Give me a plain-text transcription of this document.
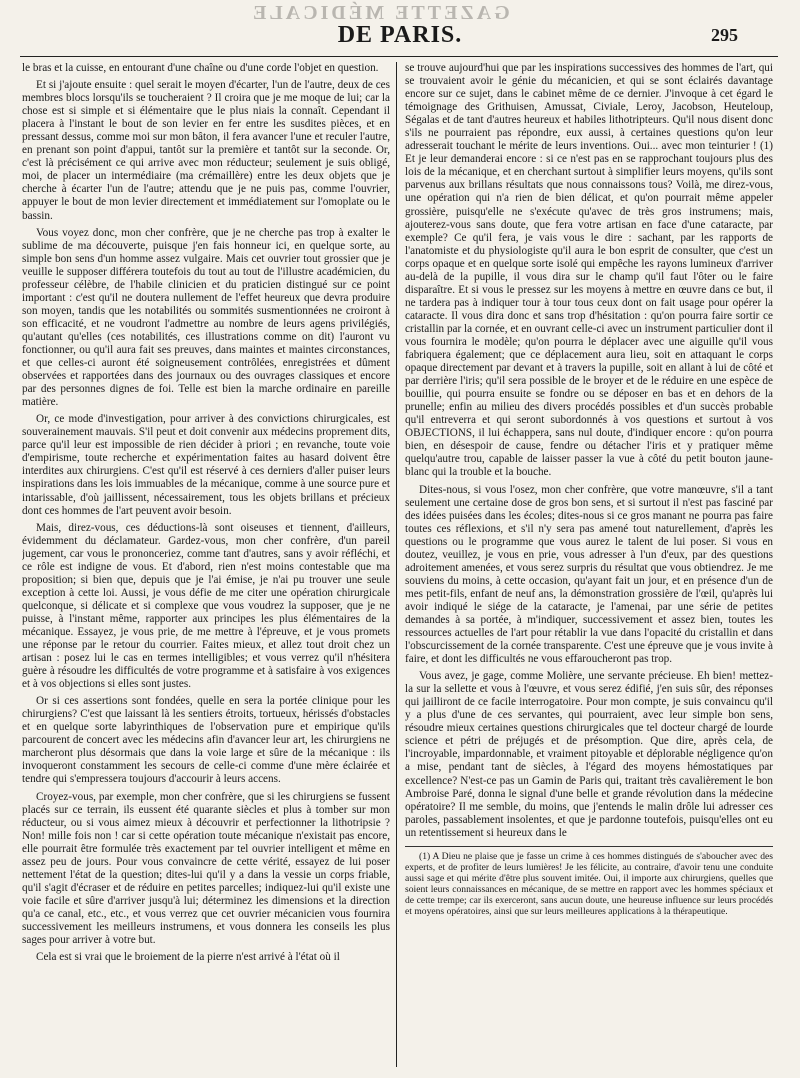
GAZETTE MÉDICALE
DE PARIS.	295

le bras et la cuisse, en entourant d'une chaîne ou d'une corde l'objet en question.

Et si j'ajoute ensuite : quel serait le moyen d'écarter, l'un de l'autre, deux de ces membres blocs lorsqu'ils se toucheraient ? Il croira que je me moque de lui; car la chose est si simple et si élémentaire que le plus niais la connaît. Cependant il placera à l'instant le bout de son levier en fer entre les susdites pièces, et en pressant dessus, comme moi sur mon bâton, il fera avancer l'une et reculer l'autre, en prenant son point d'appui, tantôt sur la première et tantôt sur la seconde. Or, c'est là précisément ce qui arrive avec mon réducteur; seulement je suis obligé, moi, de placer un intermédiaire (ma crémaillère) entre les deux objets que je cherche à écarter l'un de l'autre; attendu que je ne puis pas, comme l'ouvrier, appuyer le bout de mon levier directement et immédiatement sur l'omoplate ou le bassin.

Vous voyez donc, mon cher confrère, que je ne cherche pas trop à exalter le sublime de ma découverte, puisque j'en fais honneur ici, en quelque sorte, au simple bon sens d'un homme assez vulgaire. Mais cet ouvrier tout grossier que je veuille le supposer différera toutefois du tout au tout de l'illustre académicien, du professeur célèbre, de l'habile clinicien et du praticien distingué sur ce point important : c'est qu'il ne doutera nullement de l'effet heureux que devra produire son moyen, tandis que les notabilités ou sommités susmentionnées ne croiront à son efficacité, et ne voudront l'admettre au nombre de leurs agens privilégiés, qu'autant qu'elles (ces notabilités, ces illustrations comme on dit) l'auront vu fonctionner, ou qu'il aura fait ses preuves, dans maintes et maintes circonstances, et que celles-ci auront été soigneusement contrôlées, enregistrées et dûment observées et rapportées dans des journaux ou des ouvrages classiques et encore par des personnes dignes de foi. Telle est bien la marche ordinaire en pareille matière.

Or, ce mode d'investigation, pour arriver à des convictions chirurgicales, est souverainement mauvais. S'il peut et doit convenir aux médecins proprement dits, parce qu'il leur est impossible de rien décider à priori ; en revanche, toute voie d'empirisme, toute recherche et expérimentation faites au hasard doivent être interdites aux chirurgiens. C'est qu'il est réservé à ces derniers d'aller puiser leurs inspirations dans les lois immuables de la mécanique, comme à une source pure et intarissable, d'où jaillissent, nécessairement, tous les objets brillans et précieux dont ces hommes de l'art peuvent avoir besoin.

Mais, direz-vous, ces déductions-là sont oiseuses et tiennent, d'ailleurs, évidemment du déclamateur. Gardez-vous, mon cher confrère, d'un pareil jugement, car vous le prononceriez, comme tant d'autres, sans y avoir réfléchi, et ce rôle est indigne de vous. Et d'abord, rien n'est moins contestable que ma proposition; si bien que, depuis que je l'ai émise, je n'ai pu trouver une seule exception à cette loi. Aussi, je vous défie de me citer une opération chirurgicale quelconque, si délicate et si complexe que vous voudrez la supposer, que je ne puisse, à l'instant même, rapporter aux principes les plus élémentaires de la mécanique. Essayez, je vous prie, de me mettre à l'épreuve, et je vous promets une réponse par le retour du courrier. Faites mieux, et allez tout droit chez un artisan : posez lui le cas en termes intelligibles; et vous verrez qu'il n'hésitera guère à résoudre les difficultés de votre programme et à satisfaire à vos exigences et à vos objections si elles sont justes.

Or si ces assertions sont fondées, quelle en sera la portée clinique pour les chirurgiens? C'est que laissant là les sentiers étroits, tortueux, hérissés d'obstacles et en quelque sorte labyrinthiques de l'observation pure et empirique qu'ils parcourent de concert avec les médecins afin d'avancer leur art, les chirurgiens ne marcheront plus désormais que dans la voie large et sûre de la mécanique : ils invoqueront constamment les secours de celle-ci comme d'une mère éclairée et tendre qui s'empressera toujours d'accourir à leurs accens.

Croyez-vous, par exemple, mon cher confrère, que si les chirurgiens se fussent placés sur ce terrain, ils eussent été quarante siècles et plus à tomber sur mon réducteur, ou si vous aimez mieux à découvrir et perfectionner la lithotripsie ? Non! mille fois non ! car si cette opération toute mécanique n'existait pas encore, elle pourrait être formulée très exactement par tel ouvrier intelligent et même en assez peu de jours. Pour vous convaincre de cette vérité, essayez de lui poser nettement l'état de la question; dites-lui qu'il y a dans la vessie un corps friable, qu'il s'agit d'écraser et de réduire en petites parcelles; indiquez-lui qu'il existe une voie facile et sûre d'arriver jusqu'à lui; déterminez les dimensions et la direction qu'a ce canal, etc., etc., et vous verrez que cet ouvrier mécanicien vous fournira successivement les meilleurs instrumens, et vous donnera les conseils les plus sages pour arriver à votre but.

Cela est si vrai que le broiement de la pierre n'est arrivé à l'état où il

se trouve aujourd'hui que par les inspirations successives des hommes de l'art, qui se trouvaient avoir le génie du mécanicien, et qui se sont éclairés davantage encore sur ce sujet, dans le cabinet même de ce dernier. J'invoque à cet égard le témoignage des Grithuisen, Amussat, Civiale, Leroy, Jacobson, Heuteloup, Ségalas et de tant d'autres heureux et habiles lithotripteurs. Qu'il nous disent donc s'ils ne pourraient pas répondre, eux aussi, à certaines questions qu'on leur adresserait touchant le mérite de leurs inventions. Oui... avec mon teinturier ! (1) Et je leur demanderai encore : si ce n'est pas en se rapprochant toujours plus des lois de la mécanique, et en cherchant surtout à simplifier leurs moyens, qu'ils sont parvenus aux brillans résultats que nous connaissons tous? Voilà, me direz-vous, une opération qui n'a rien de bien délicat, et qu'on pourrait même appeler grossière, puisqu'elle ne s'exécute qu'avec de très gros instrumens; mais, ajouterez-vous sans doute, que fera votre artisan en face d'une cataracte, par exemple? Ce qu'il fera, je vais vous le dire : sachant, par les rapports de l'anatomiste et du physiologiste qu'il aura le bon esprit de consulter, que c'est un corps opaque et en quelque sorte isolé qui empêche les rayons lumineux d'arriver au-delà de la pupille, il vous dira sur le champ qu'il faut l'ôter ou le faire disparaître. Et si vous le pressez sur les moyens à mettre en œuvre dans ce but, il ne tardera pas à indiquer tour à tour tous ceux dont on fait usage pour opérer la cataracte. Il vous dira donc et sans trop d'hésitation : qu'on pourra faire sortir ce cristallin par la cornée, et en ouvrant celle-ci avec un instrument particulier dont il vous fournira le modèle; qu'on pourra le déplacer avec une aiguille qu'il vous fabriquera également; que ce déplacement aura lieu, soit en attaquant le corps opaque directement par devant et à travers la pupille, soit en allant à lui de côté et par derrière l'iris; qu'il sera possible de le broyer et de le réduire en une espèce de bouillie, qui pourra ensuite se fondre ou se déposer en bas et en dehors de la prunelle; enfin au milieu des divers procédés possibles et d'un succès probable qu'il entreverra et qui seront subordonnés à vos questions et surtout à vos OBJECTIONS, il lui échappera, sans nul doute, d'indiquer encore : qu'on pourra bien, en désespoir de cause, fendre ou détacher l'iris et y pratiquer même quelqu'autre trou, capable de laisser passer la vue à côté du petit bouton jaune-blanc qui la trouble et la bouche.

Dites-nous, si vous l'osez, mon cher confrère, que votre manœuvre, s'il a tant seulement une certaine dose de gros bon sens, et si surtout il n'est pas fasciné par des idées puisées dans les écoles; dites-nous si ce gros manant ne pourra pas faire toutes ces réflexions, et s'il n'y sera pas amené tout naturellement, d'après les questions ou le programme que vous aurez le talent de lui poser. Si vous en doutez, veuillez, je vous en prie, vous adresser à l'un d'eux, par des questions adroitement amenées, et vous serez surpris du résultat que vous obtiendrez. Je me souviens du moins, à cette occasion, qu'ayant fait un jour, et en présence d'un de mes petit-fils, enfant de neuf ans, la démonstration grossière de l'œil, qu'après lui avoir indiqué le siége de la cataracte, je l'amenai, par une série de petites demandes à sa portée, à m'indiquer, successivement et assez bien, toutes les ressources actuelles de l'art pour rétablir la vue dans l'opacité du cristallin et dans l'obscurcissement de la cornée transparente. C'est une épreuve que je vous invite à faire, et dont les difficultés ne vous effaroucheront pas trop.

Vous avez, je gage, comme Molière, une servante précieuse. Eh bien! mettez-la sur la sellette et vous à l'œuvre, et vous serez édifié, j'en suis sûr, des réponses qui jailliront de ce facile interrogatoire. Pour mon compte, je suis convaincu qu'il y a plus d'une de ces servantes, qui pourraient, avec leur simple bon sens, résoudre mieux certaines questions chirurgicales que tel docteur chargé de lourde science et pétri de préjugés et de présomption. Que dire, après cela, de l'incroyable, impardonnable, et vraiment pitoyable et déplorable négligence qu'on a mise, pendant tant de siècles, à l'égard des moyens hémostatiques par excellence? N'est-ce pas un Gamin de Paris qui, traitant très cavalièrement le bon Ambroise Paré, donna le signal d'une belle et grande révolution dans la médecine opératoire? Il me semble, du moins, que j'entends le malin drôle lui adresser ces paroles, passablement insolentes, et que je pardonne toutefois, puisqu'elles ont eu un retentissement si heureux dans le

(1) A Dieu ne plaise que je fasse un crime à ces hommes distingués de s'aboucher avec des experts, et de profiter de leurs lumières! Je les félicite, au contraire, d'avoir tenu une conduite aussi sage et qui mérite d'être plus souvent imitée. Oui, il importe aux chirurgiens, quelles que soient leurs connaissances en mécanique, de se mettre en rapport avec les hommes spéciaux et de cette trempe; car ils exerceront, sans aucun doute, une heureuse influence sur leurs procédés et moyens opératoires, ainsi que sur leurs meilleures applications à la thérapeutique.
